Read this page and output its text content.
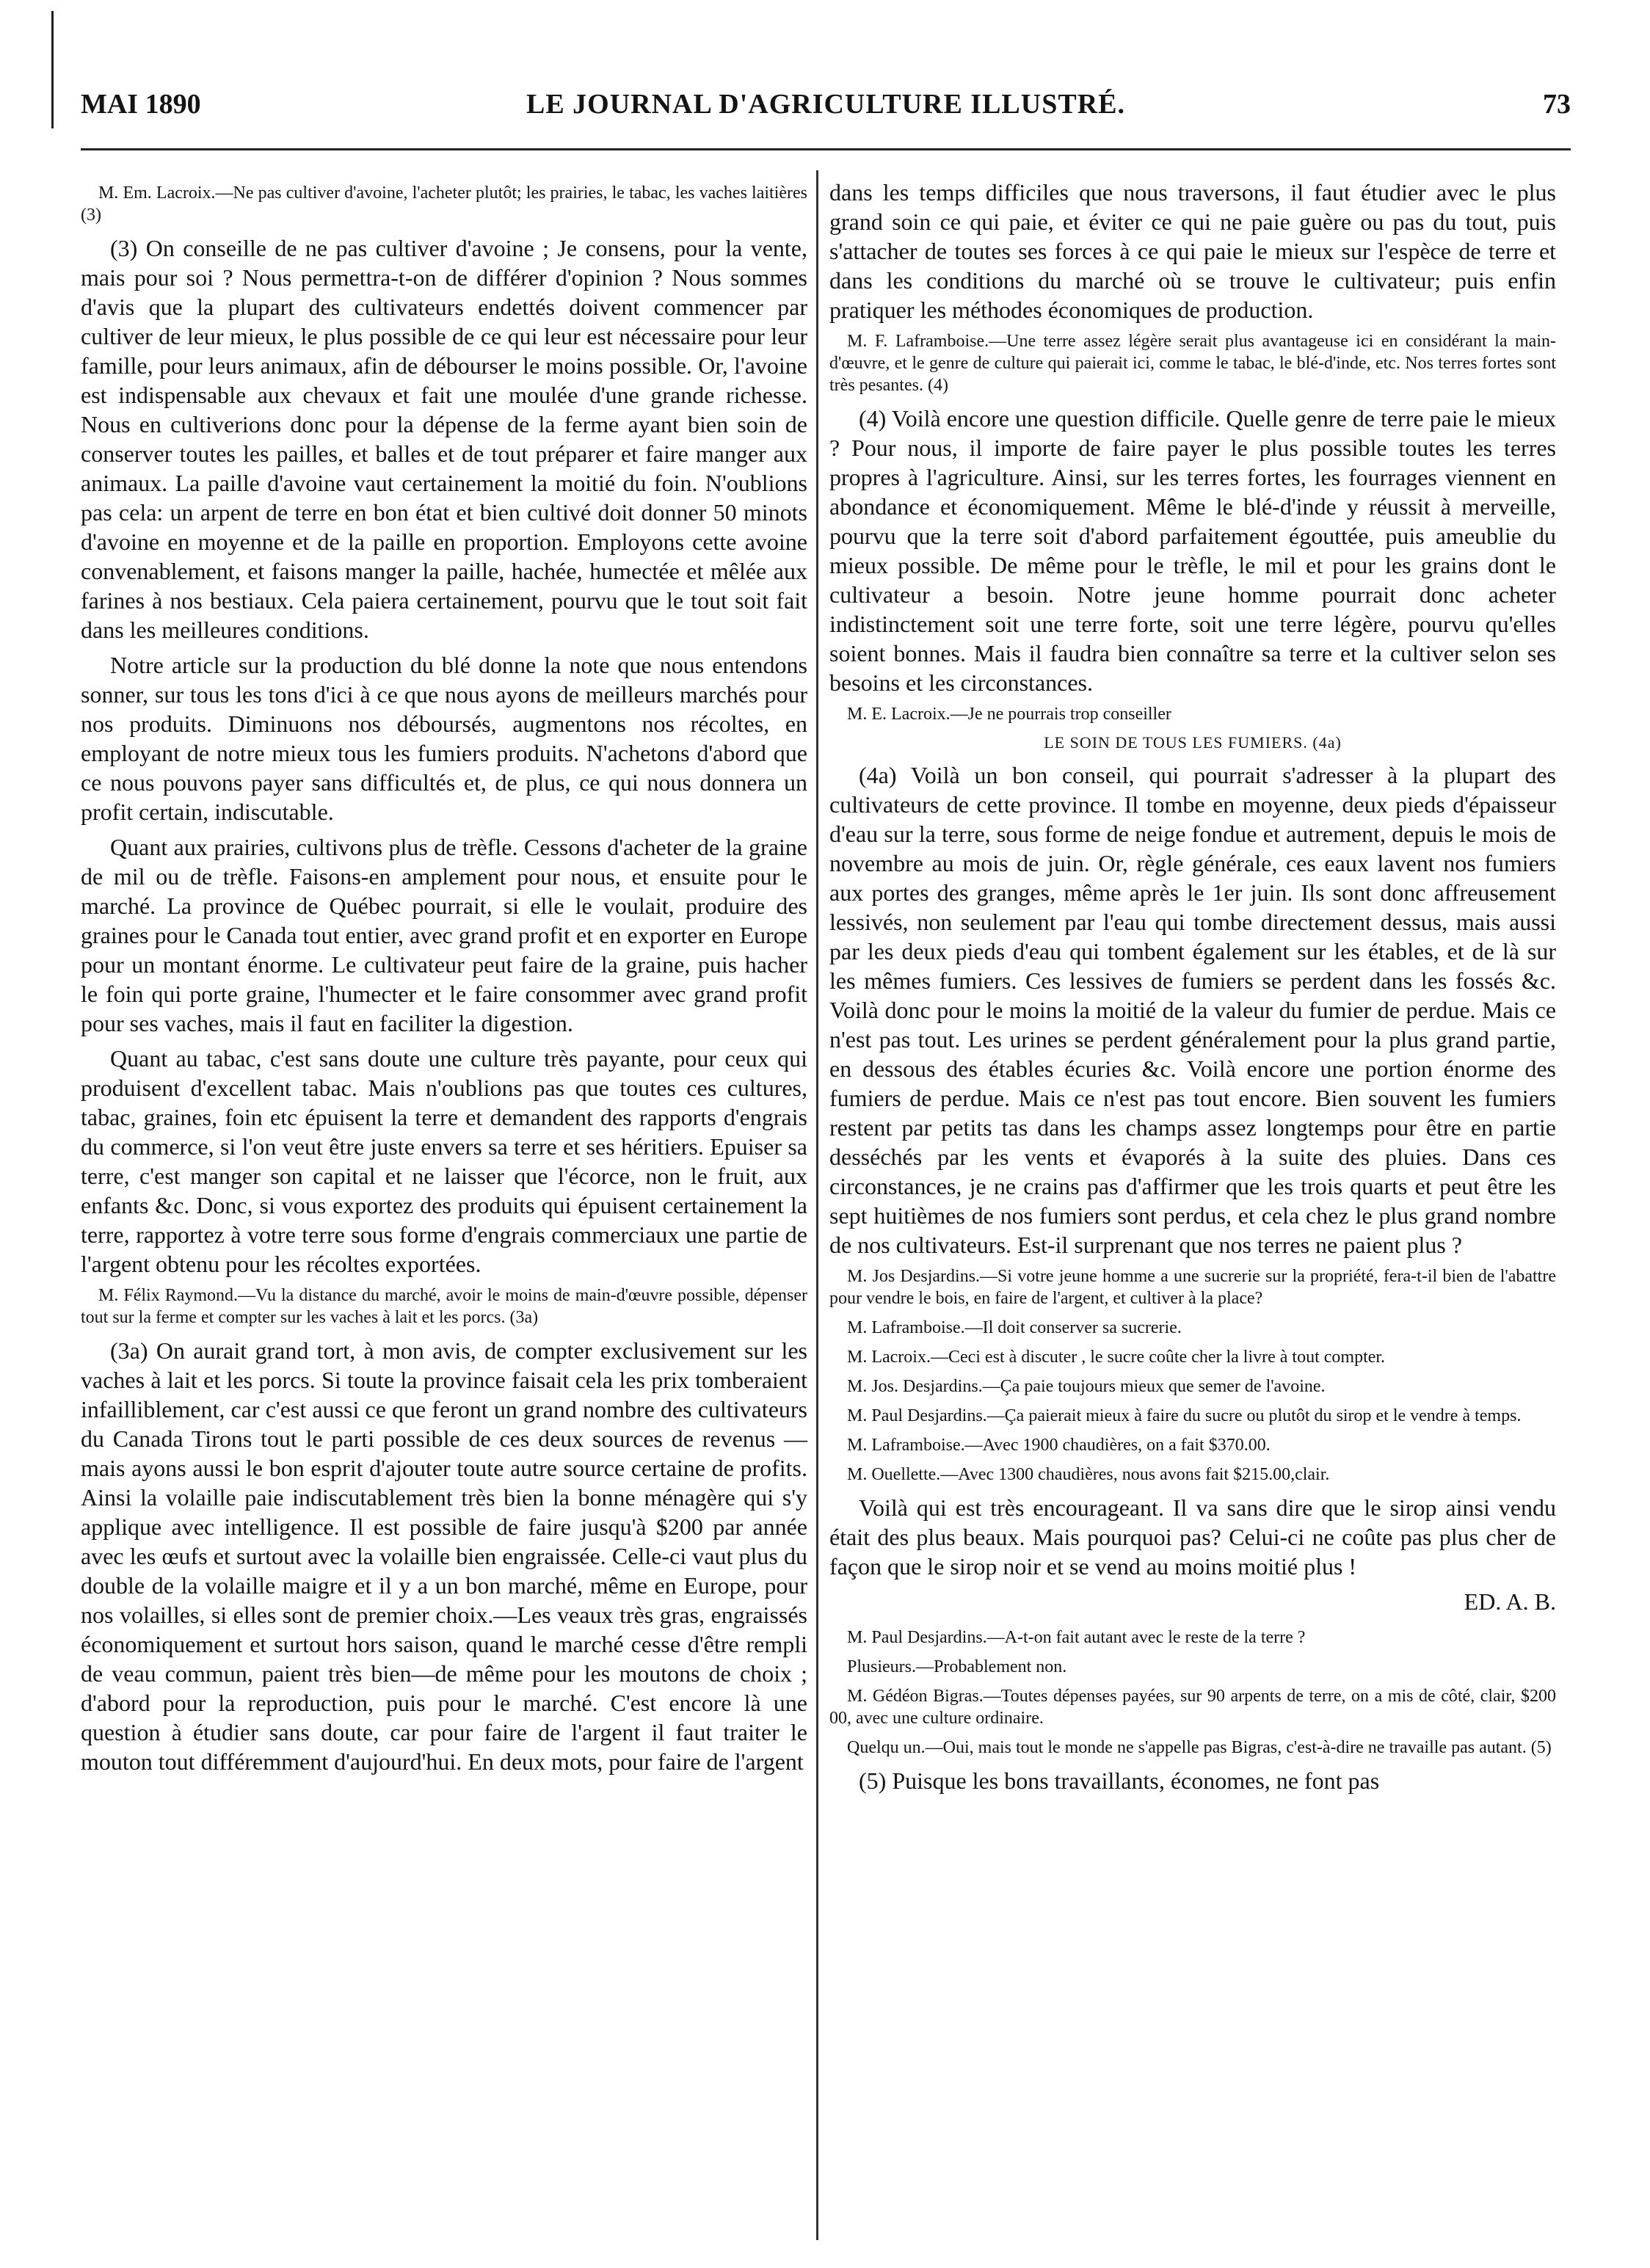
MAI 1890	LE JOURNAL D'AGRICULTURE ILLUSTRÉ.	73

M. Em. Lacroix.—Ne pas cultiver d'avoine, l'acheter plutôt; les prairies, le tabac, les vaches laitières (3)

(3) On conseille de ne pas cultiver d'avoine ; Je consens, pour la vente, mais pour soi ? Nous permettra-t-on de différer d'opinion ? Nous sommes d'avis que la plupart des cultivateurs endettés doivent commencer par cultiver de leur mieux, le plus possible de ce qui leur est nécessaire pour leur famille, pour leurs animaux, afin de débourser le moins possible. Or, l'avoine est indispensable aux chevaux et fait une moulée d'une grande richesse. Nous en cultiverions donc pour la dépense de la ferme ayant bien soin de conserver toutes les pailles, et balles et de tout préparer et faire manger aux animaux. La paille d'avoine vaut certainement la moitié du foin. N'oublions pas cela: un arpent de terre en bon état et bien cultivé doit donner 50 minots d'avoine en moyenne et de la paille en proportion. Employons cette avoine convenablement, et faisons manger la paille, hachée, humectée et mêlée aux farines à nos bestiaux. Cela paiera certainement, pourvu que le tout soit fait dans les meilleures conditions.

Notre article sur la production du blé donne la note que nous entendons sonner, sur tous les tons d'ici à ce que nous ayons de meilleurs marchés pour nos produits. Diminuons nos déboursés, augmentons nos récoltes, en employant de notre mieux tous les fumiers produits. N'achetons d'abord que ce nous pouvons payer sans difficultés et, de plus, ce qui nous donnera un profit certain, indiscutable.

Quant aux prairies, cultivons plus de trèfle. Cessons d'acheter de la graine de mil ou de trèfle. Faisons-en amplement pour nous, et ensuite pour le marché. La province de Québec pourrait, si elle le voulait, produire des graines pour le Canada tout entier, avec grand profit et en exporter en Europe pour un montant énorme. Le cultivateur peut faire de la graine, puis hacher le foin qui porte graine, l'humecter et le faire consommer avec grand profit pour ses vaches, mais il faut en faciliter la digestion.

Quant au tabac, c'est sans doute une culture très payante, pour ceux qui produisent d'excellent tabac. Mais n'oublions pas que toutes ces cultures, tabac, graines, foin etc épuisent la terre et demandent des rapports d'engrais du commerce, si l'on veut être juste envers sa terre et ses héritiers. Epuiser sa terre, c'est manger son capital et ne laisser que l'écorce, non le fruit, aux enfants &c. Donc, si vous exportez des produits qui épuisent certainement la terre, rapportez à votre terre sous forme d'engrais commerciaux une partie de l'argent obtenu pour les récoltes exportées.

M. Félix Raymond.—Vu la distance du marché, avoir le moins de main-d'œuvre possible, dépenser tout sur la ferme et compter sur les vaches à lait et les porcs. (3a)

(3a) On aurait grand tort, à mon avis, de compter exclusivement sur les vaches à lait et les porcs. Si toute la province faisait cela les prix tomberaient infailliblement, car c'est aussi ce que feront un grand nombre des cultivateurs du Canada Tirons tout le parti possible de ces deux sources de revenus —mais ayons aussi le bon esprit d'ajouter toute autre source certaine de profits. Ainsi la volaille paie indiscutablement très bien la bonne ménagère qui s'y applique avec intelligence. Il est possible de faire jusqu'à $200 par année avec les œufs et surtout avec la volaille bien engraissée. Celle-ci vaut plus du double de la volaille maigre et il y a un bon marché, même en Europe, pour nos volailles, si elles sont de premier choix.—Les veaux très gras, engraissés économiquement et surtout hors saison, quand le marché cesse d'être rempli de veau commun, paient très bien—de même pour les moutons de choix ; d'abord pour la reproduction, puis pour le marché. C'est encore là une question à étudier sans doute, car pour faire de l'argent il faut traiter le mouton tout différemment d'aujourd'hui. En deux mots, pour faire de l'argent

dans les temps difficiles que nous traversons, il faut étudier avec le plus grand soin ce qui paie, et éviter ce qui ne paie guère ou pas du tout, puis s'attacher de toutes ses forces à ce qui paie le mieux sur l'espèce de terre et dans les conditions du marché où se trouve le cultivateur; puis enfin pratiquer les méthodes économiques de production.

M. F. Laframboise.—Une terre assez légère serait plus avantageuse ici en considérant la main-d'œuvre, et le genre de culture qui paierait ici, comme le tabac, le blé-d'inde, etc. Nos terres fortes sont très pesantes. (4)

(4) Voilà encore une question difficile. Quelle genre de terre paie le mieux ? Pour nous, il importe de faire payer le plus possible toutes les terres propres à l'agriculture. Ainsi, sur les terres fortes, les fourrages viennent en abondance et économiquement. Même le blé-d'inde y réussit à merveille, pourvu que la terre soit d'abord parfaitement égouttée, puis ameublie du mieux possible. De même pour le trèfle, le mil et pour les grains dont le cultivateur a besoin. Notre jeune homme pourrait donc acheter indistinctement soit une terre forte, soit une terre légère, pourvu qu'elles soient bonnes. Mais il faudra bien connaître sa terre et la cultiver selon ses besoins et les circonstances.

M. E. Lacroix.—Je ne pourrais trop conseiller

LE SOIN DE TOUS LES FUMIERS. (4a)

(4a) Voilà un bon conseil, qui pourrait s'adresser à la plupart des cultivateurs de cette province. Il tombe en moyenne, deux pieds d'épaisseur d'eau sur la terre, sous forme de neige fondue et autrement, depuis le mois de novembre au mois de juin. Or, règle générale, ces eaux lavent nos fumiers aux portes des granges, même après le 1er juin. Ils sont donc affreusement lessivés, non seulement par l'eau qui tombe directement dessus, mais aussi par les deux pieds d'eau qui tombent également sur les étables, et de là sur les mêmes fumiers. Ces lessives de fumiers se perdent dans les fossés &c. Voilà donc pour le moins la moitié de la valeur du fumier de perdue. Mais ce n'est pas tout. Les urines se perdent généralement pour la plus grand partie, en dessous des étables écuries &c. Voilà encore une portion énorme des fumiers de perdue. Mais ce n'est pas tout encore. Bien souvent les fumiers restent par petits tas dans les champs assez longtemps pour être en partie desséchés par les vents et évaporés à la suite des pluies. Dans ces circonstances, je ne crains pas d'affirmer que les trois quarts et peut être les sept huitièmes de nos fumiers sont perdus, et cela chez le plus grand nombre de nos cultivateurs. Est-il surprenant que nos terres ne paient plus ?

M. Jos Desjardins.—Si votre jeune homme a une sucrerie sur la propriété, fera-t-il bien de l'abattre pour vendre le bois, en faire de l'argent, et cultiver à la place?

M. Laframboise.—Il doit conserver sa sucrerie.

M. Lacroix.—Ceci est à discuter , le sucre coûte cher la livre à tout compter.

M. Jos. Desjardins.—Ça paie toujours mieux que semer de l'avoine.

M. Paul Desjardins.—Ça paierait mieux à faire du sucre ou plutôt du sirop et le vendre à temps.

M. Laframboise.—Avec 1900 chaudières, on a fait $370.00.

M. Ouellette.—Avec 1300 chaudières, nous avons fait $215.00,clair.

Voilà qui est très encourageant. Il va sans dire que le sirop ainsi vendu était des plus beaux. Mais pourquoi pas? Celui-ci ne coûte pas plus cher de façon que le sirop noir et se vend au moins moitié plus !

ED. A. B.

M. Paul Desjardins.—A-t-on fait autant avec le reste de la terre ?

Plusieurs.—Probablement non.

M. Gédéon Bigras.—Toutes dépenses payées, sur 90 arpents de terre, on a mis de côté, clair, $200 00, avec une culture ordinaire.

Quelqu un.—Oui, mais tout le monde ne s'appelle pas Bigras, c'est-à-dire ne travaille pas autant. (5)

(5) Puisque les bons travaillants, économes, ne font pas
